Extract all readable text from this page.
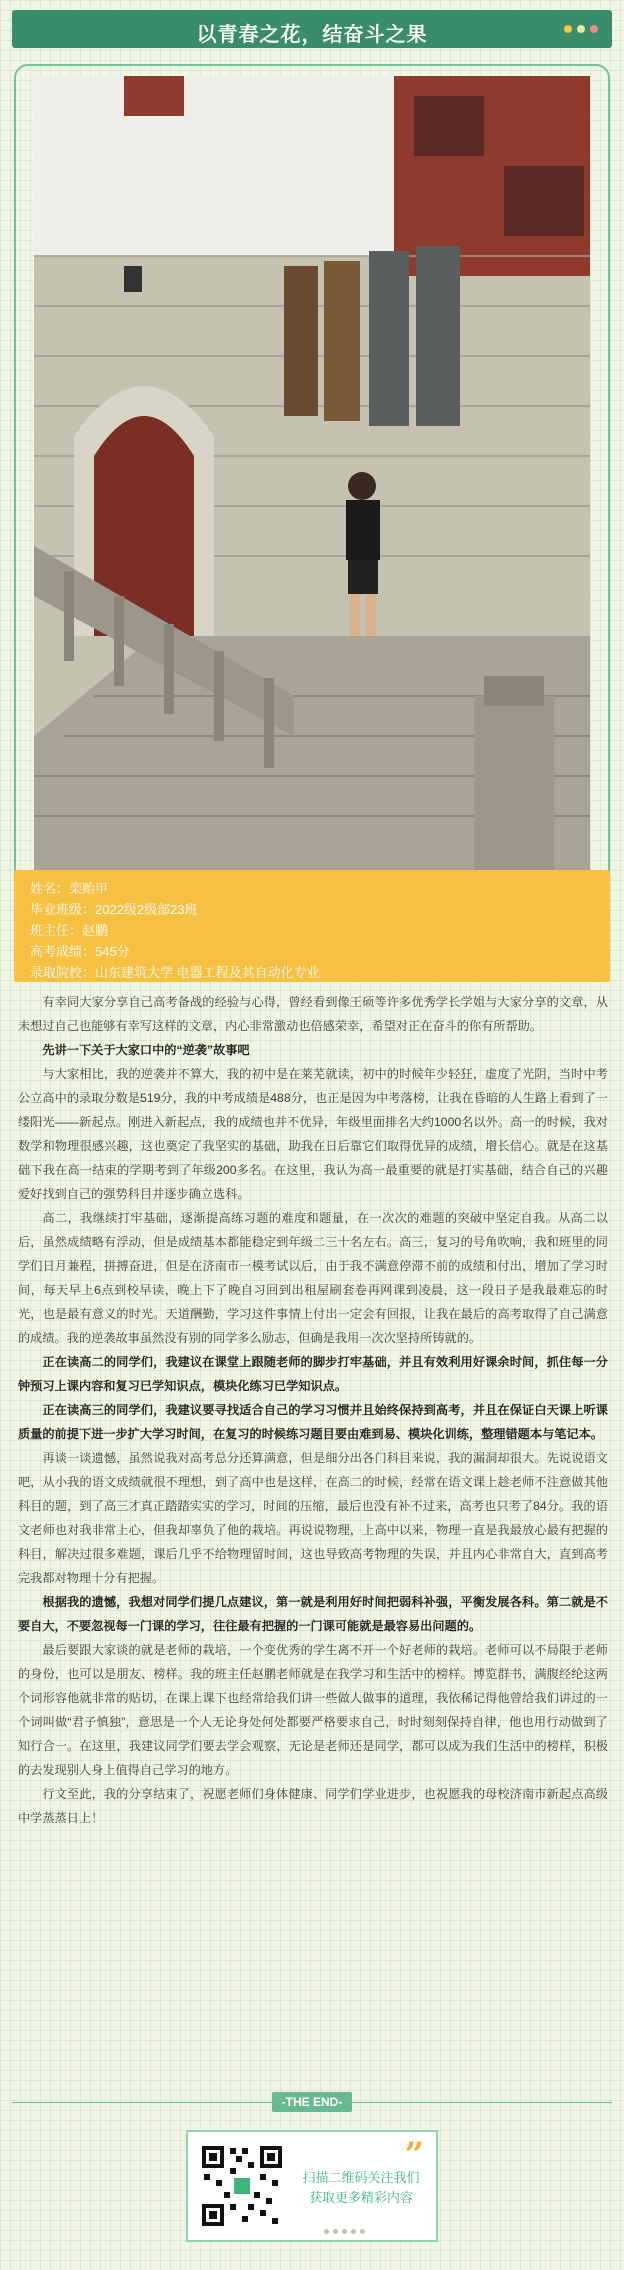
以青春之花，结奋斗之果
姓名：栾贻甲
毕业班级：2022级2级部23班
班主任：赵鹏
高考成绩：545分
录取院校：山东建筑大学 电器工程及其自动化专业

有幸同大家分享自己高考备战的经验与心得，曾经看到像王硕等许多优秀学长学姐与大家分享的文章，从未想过自己也能够有幸写这样的文章，内心非常激动也倍感荣幸，希望对正在奋斗的你有所帮助。

先讲一下关于大家口中的“逆袭”故事吧

与大家相比，我的逆袭并不算大，我的初中是在莱芜就读，初中的时候年少轻狂，虚度了光阴，当时中考公立高中的录取分数是519分，我的中考成绩是488分，也正是因为中考落榜，让我在昏暗的人生路上看到了一缕阳光——新起点。刚进入新起点，我的成绩也并不优异，年级里面排名大约1000名以外。高一的时候，我对数学和物理很感兴趣，这也奠定了我坚实的基础，助我在日后靠它们取得优异的成绩，增长信心。就是在这基础下我在高一结束的学期考到了年级200多名。在这里，我认为高一最重要的就是打实基础，结合自己的兴趣爱好找到自己的强势科目并逐步确立选科。

高二，我继续打牢基础，逐渐提高练习题的难度和题量，在一次次的难题的突破中坚定自我。从高二以后，虽然成绩略有浮动，但是成绩基本都能稳定到年级二三十名左右。高三，复习的号角吹响，我和班里的同学们日月兼程，拼搏奋进，但是在济南市一模考试以后，由于我不满意停滞不前的成绩和付出，增加了学习时间，每天早上6点到校早读，晚上下了晚自习回到出租屋刷套卷再网课到凌晨，这一段日子是我最难忘的时光，也是最有意义的时光。天道酬勤，学习这件事情上付出一定会有回报，让我在最后的高考取得了自己满意的成绩。我的逆袭故事虽然没有别的同学多么励志，但确是我用一次次坚持所铸就的。

正在读高二的同学们，我建议在课堂上跟随老师的脚步打牢基础，并且有效利用好课余时间，抓住每一分钟预习上课内容和复习已学知识点，模块化练习已学知识点。

正在读高三的同学们，我建议要寻找适合自己的学习习惯并且始终保持到高考，并且在保证白天课上听课质量的前提下进一步扩大学习时间，在复习的时候练习题目要由难到易、模块化训练，整理错题本与笔记本。

再谈一谈遗憾，虽然说我对高考总分还算满意，但是细分出各门科目来说，我的漏洞却很大。先说说语文吧，从小我的语文成绩就很不理想，到了高中也是这样，在高二的时候，经常在语文课上趁老师不注意做其他科目的题，到了高三才真正踏踏实实的学习，时间的压缩，最后也没有补不过来，高考也只考了84分。我的语文老师也对我非常上心，但我却辜负了他的栽培。再说说物理，上高中以来，物理一直是我最放心最有把握的科目，解决过很多难题，课后几乎不给物理留时间，这也导致高考物理的失误，并且内心非常自大，直到高考完我都对物理十分有把握。

根据我的遗憾，我想对同学们提几点建议，第一就是利用好时间把弱科补强，平衡发展各科。第二就是不要自大，不要忽视每一门课的学习，往往最有把握的一门课可能就是最容易出问题的。

最后要跟大家谈的就是老师的栽培，一个变优秀的学生离不开一个好老师的栽培。老师可以不局限于老师的身份，也可以是朋友、榜样。我的班主任赵鹏老师就是在我学习和生活中的榜样。博览群书，满腹经纶这两个词形容他就非常的贴切，在课上课下也经常给我们讲一些做人做事的道理，我依稀记得他曾给我们讲过的一个词叫做“君子慎独”，意思是一个人无论身处何处都要严格要求自己，时时刻刻保持自律，他也用行动做到了知行合一。在这里，我建议同学们要去学会观察，无论是老师还是同学，都可以成为我们生活中的榜样，积极的去发现别人身上值得自己学习的地方。

行文至此，我的分享结束了，祝愿老师们身体健康、同学们学业进步，也祝愿我的母校济南市新起点高级中学蒸蒸日上！

-THE END-
扫描二维码关注我们
获取更多精彩内容
”
